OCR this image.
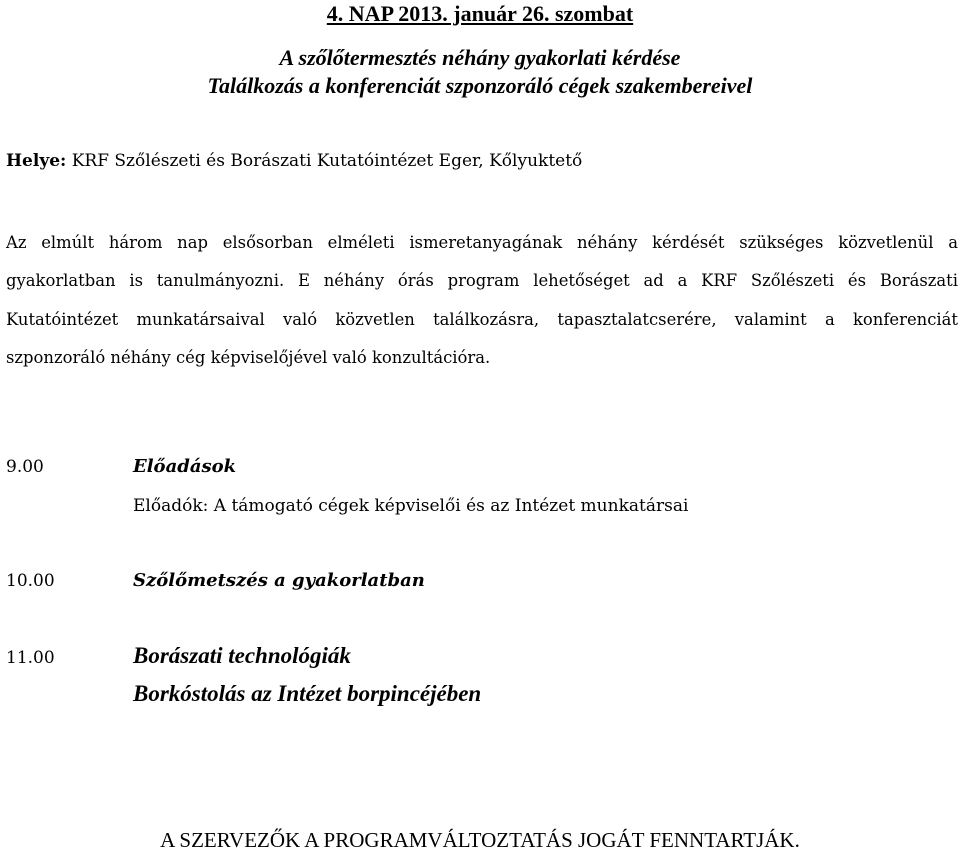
4. NAP 2013. január 26. szombat
A szőlőtermesztés néhány gyakorlati kérdése
Találkozás a konferenciát szponzoráló cégek szakembereivel
Helye: KRF Szőlészeti és Borászati Kutatóintézet Eger, Kőlyuktető
Az elmúlt három nap elsősorban elméleti ismeretanyagának néhány kérdését szükséges közvetlenül a gyakorlatban is tanulmányozni. E néhány órás program lehetőséget ad a KRF Szőlészeti és Borászati Kutatóintézet munkatársaival való közvetlen találkozásra, tapasztalatcserére, valamint a konferenciát szponzoráló néhány cég képviselőjével való konzultációra.
9.00	Előadások
Előadók: A támogató cégek képviselői és az Intézet munkatársai
10.00	Szőlőmetszés a gyakorlatban
11.00	Borászati technológiák
Borkóstolás az Intézet borpincéjében
A SZERVEZŐK A PROGRAMVÁLTOZTATÁS JOGÁT FENNTARTJÁK.
